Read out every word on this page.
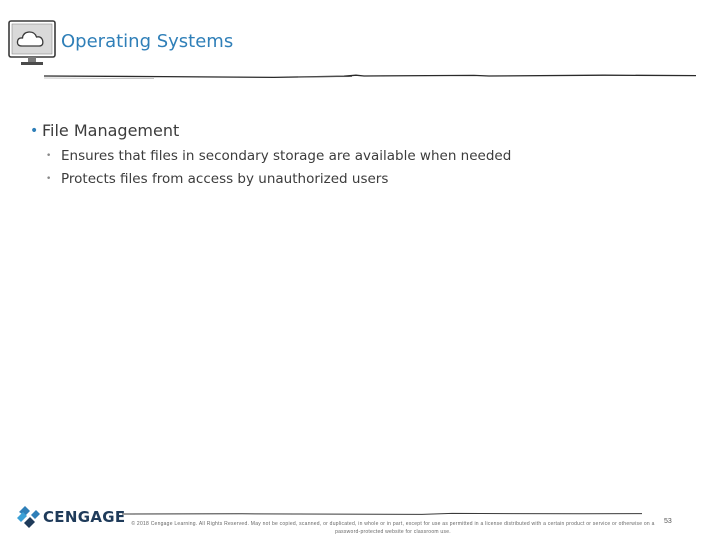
Operating Systems
• File Management
• Ensures that files in secondary storage are available when needed
• Protects files from access by unauthorized users
CENGAGE	© 2018 Cengage Learning. All Rights Reserved. May not be copied, scanned, or duplicated, in whole or in part, except for use as permitted in a license distributed with a certain product or service or otherwise on a password-protected website for classroom use.
53
